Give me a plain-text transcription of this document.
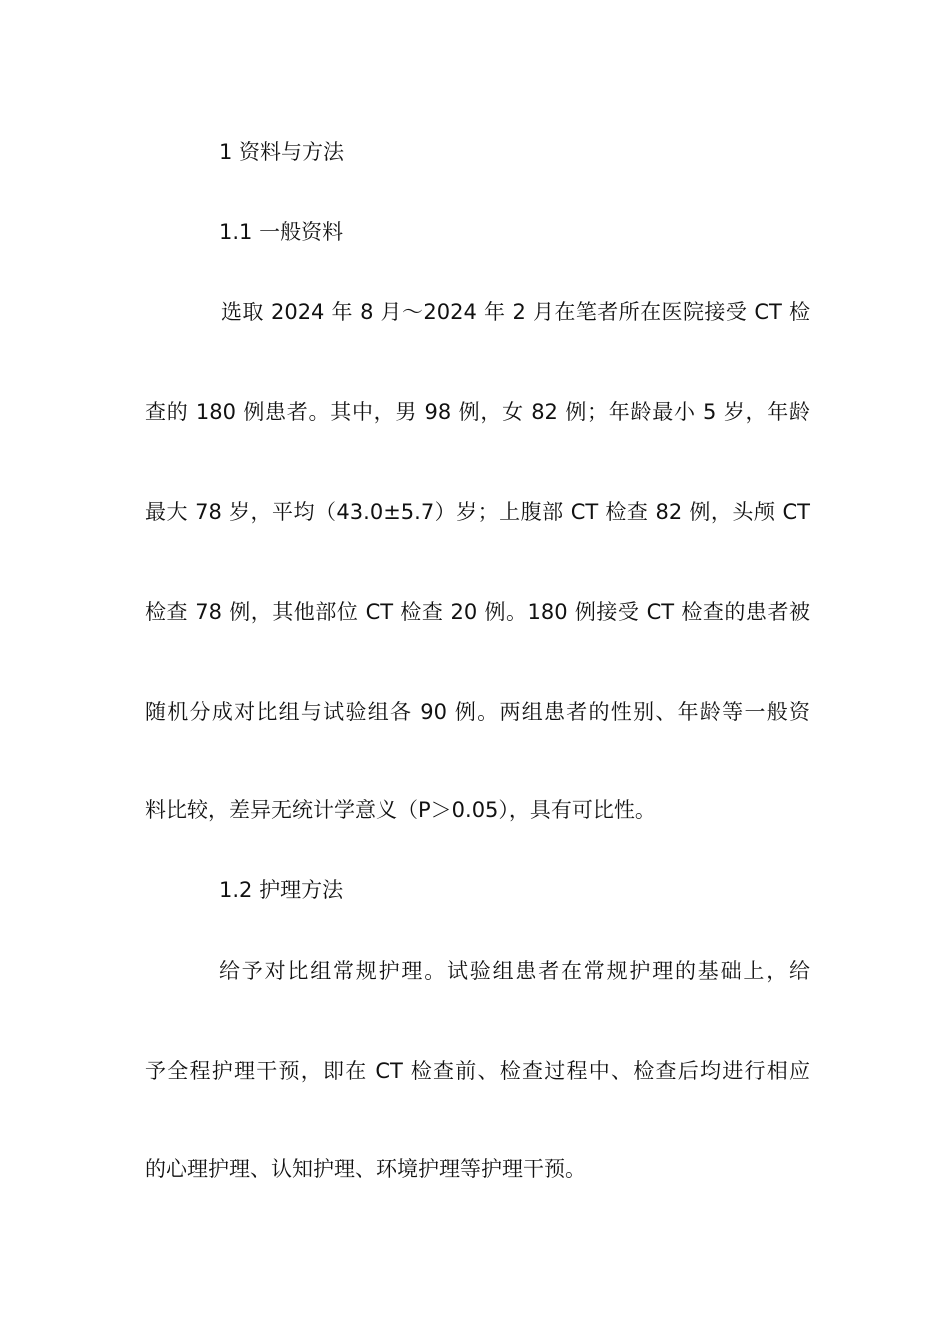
1 资料与方法
1.1 一般资料
选取 2024 年 8 月～2024 年 2 月在笔者所在医院接受 CT 检
查的 180 例患者。其中，男 98 例，女 82 例；年龄最小 5 岁，年龄
最大 78 岁，平均（43.0±5.7）岁；上腹部 CT 检查 82 例，头颅 CT
检查 78 例，其他部位 CT 检查 20 例。180 例接受 CT 检查的患者被
随机分成对比组与试验组各 90 例。两组患者的性别、年龄等一般资
料比较，差异无统计学意义（P＞0.05），具有可比性。
1.2 护理方法
给予对比组常规护理。试验组患者在常规护理的基础上，给
予全程护理干预，即在 CT 检查前、检查过程中、检查后均进行相应
的心理护理、认知护理、环境护理等护理干预。
